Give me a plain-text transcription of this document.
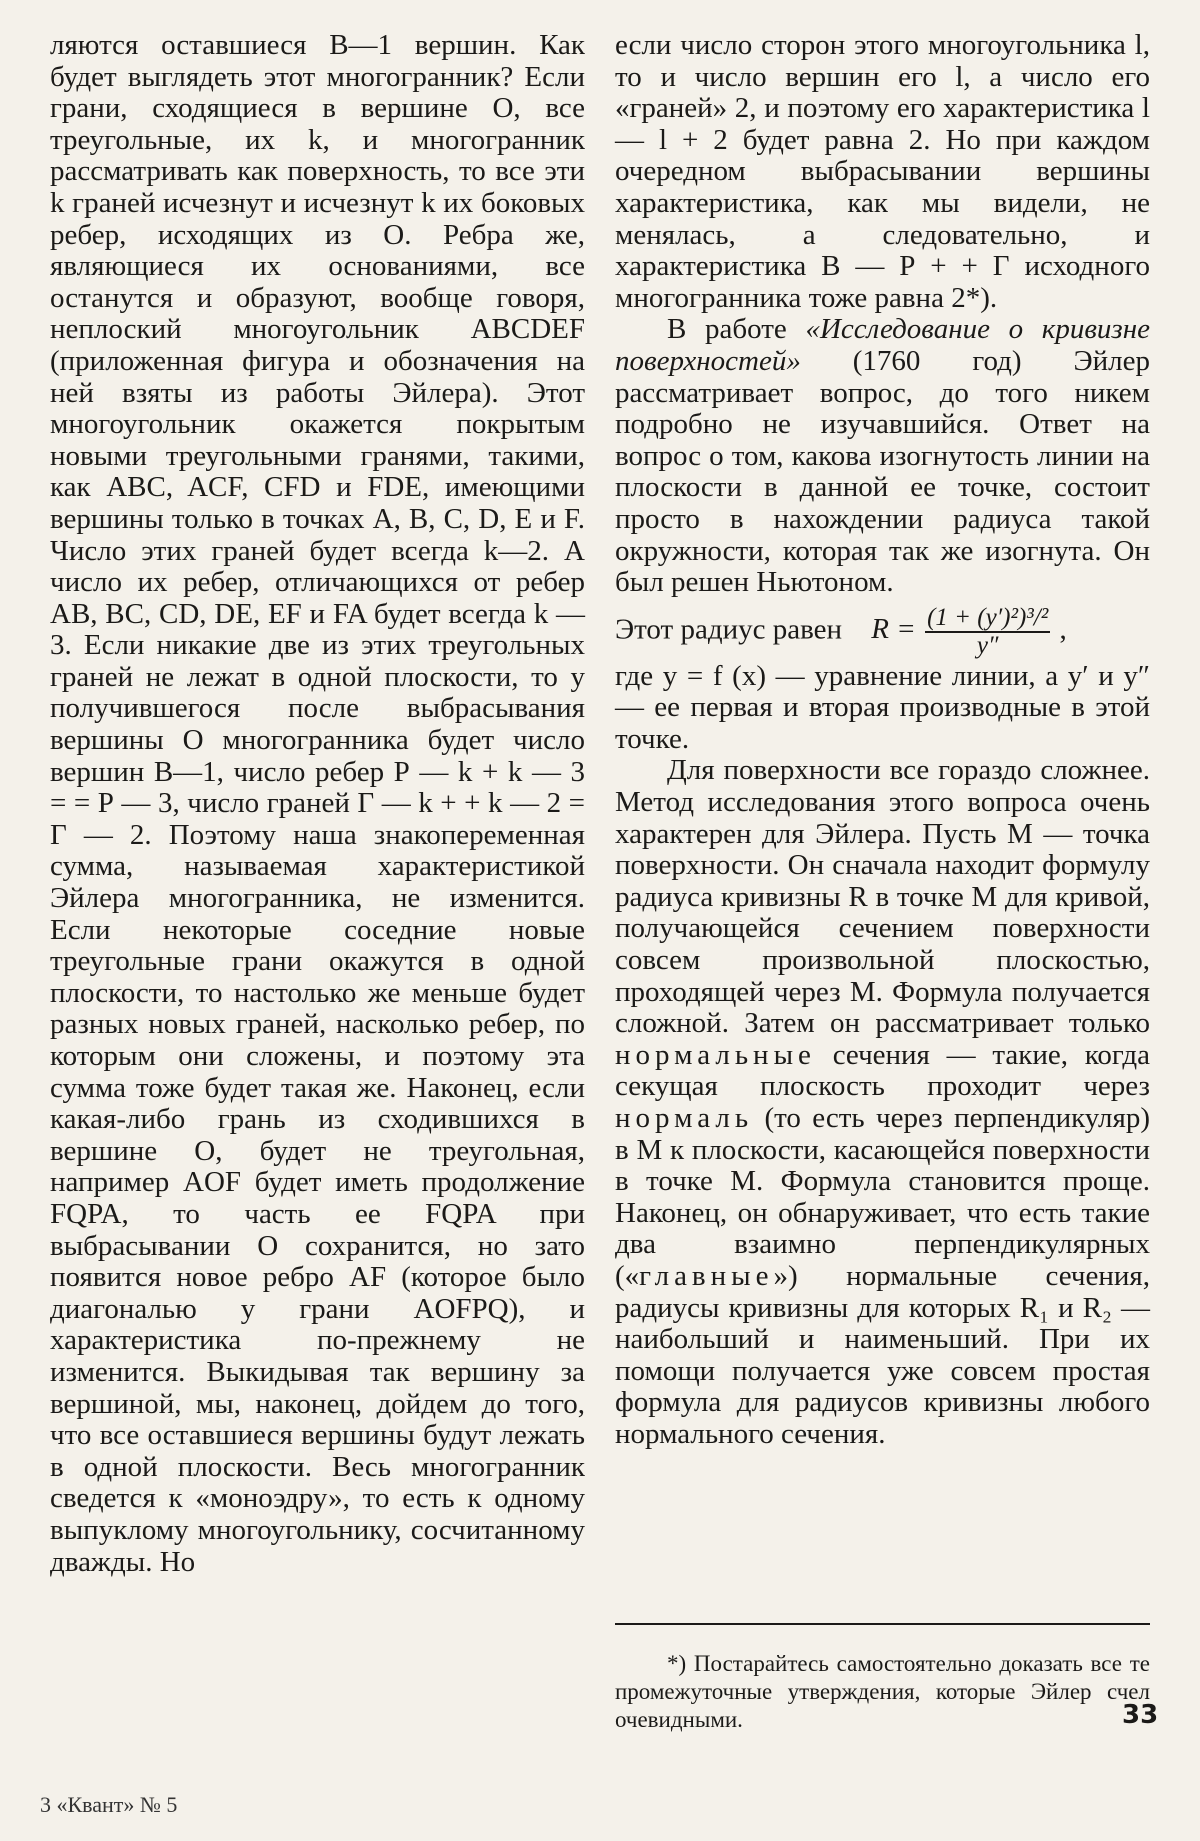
ляются оставшиеся В—1 вершин. Как будет выглядеть этот многогранник? Если грани, сходящиеся в вершине О, все треугольные, их k, и многогранник рассматривать как поверхность, то все эти k граней исчезнут и исчезнут k их боковых ребер, исходящих из О. Ребра же, являющиеся их основаниями, все останутся и образуют, вообще говоря, неплоский многоугольник ABCDEF (приложенная фигура и обозначения на ней взяты из работы Эйлера). Этот многоугольник окажется покрытым новыми треугольными гранями, такими, как ABC, ACF, CFD и FDE, имеющими вершины только в точках A, B, C, D, E и F. Число этих граней будет всегда k—2. А число их ребер, отличающихся от ребер AB, BC, CD, DE, EF и FA будет всегда k — 3. Если никакие две из этих треугольных граней не лежат в одной плоскости, то у получившегося после выбрасывания вершины О многогранника будет число вершин В—1, число ребер Р — k + k — 3 = = Р — 3, число граней Г — k + + k — 2 = Г — 2. Поэтому наша знакопеременная сумма, называемая характеристикой Эйлера многогранника, не изменится. Если некоторые соседние новые треугольные грани окажутся в одной плоскости, то настолько же меньше будет разных новых граней, насколько ребер, по которым они сложены, и поэтому эта сумма тоже будет такая же. Наконец, если какая-либо грань из сходившихся в вершине О, будет не треугольная, например AOF будет иметь продолжение FQPA, то часть ее FQPA при выбрасывании О сохранится, но зато появится новое ребро AF (которое было диагональю у грани AOFPQ), и характеристика по-прежнему не изменится. Выкидывая так вершину за вершиной, мы, наконец, дойдем до того, что все оставшиеся вершины будут лежать в одной плоскости. Весь многогранник сведется к «моноэдру», то есть к одному выпуклому многоугольнику, сосчитанному дважды. Но

если число сторон этого многоугольника l, то и число вершин его l, а число его «граней» 2, и поэтому его характеристика l — l + 2 будет равна 2. Но при каждом очередном выбрасывании вершины характеристика, как мы видели, не менялась, а следовательно, и характеристика В — Р + + Г исходного многогранника тоже равна 2*).

В работе «Исследование о кривизне поверхностей» (1760 год) Эйлер рассматривает вопрос, до того никем подробно не изучавшийся. Ответ на вопрос о том, какова изогнутость линии на плоскости в данной ее точке, состоит просто в нахождении радиуса такой окружности, которая так же изогнута. Он был решен Ньютоном.

Этот радиус равен $R = \frac{\text{(1 + (y′)²)³/²}}{y''}$ ,

где y = f (x) — уравнение линии, а y′ и y″ — ее первая и вторая производные в этой точке.

Для поверхности все гораздо сложнее. Метод исследования этого вопроса очень характерен для Эйлера. Пусть М — точка поверхности. Он сначала находит формулу радиуса кривизны R в точке М для кривой, получающейся сечением поверхности совсем произвольной плоскостью, проходящей через М. Формула получается сложной. Затем он рассматривает только нормальные сечения — такие, когда секущая плоскость проходит через нормаль (то есть через перпендикуляр) в М к плоскости, касающейся поверхности в точке М. Формула становится проще. Наконец, он обнаруживает, что есть такие два взаимно перпендикулярных («главные») нормальные сечения, радиусы кривизны для которых R₁ и R₂ — наибольший и наименьший. При их помощи получается уже совсем простая формула для радиусов кривизны любого нормального сечения.

*) Постарайтесь самостоятельно доказать все те промежуточные утверждения, которые Эйлер счел очевидными.	33
3 «Квант» № 5
